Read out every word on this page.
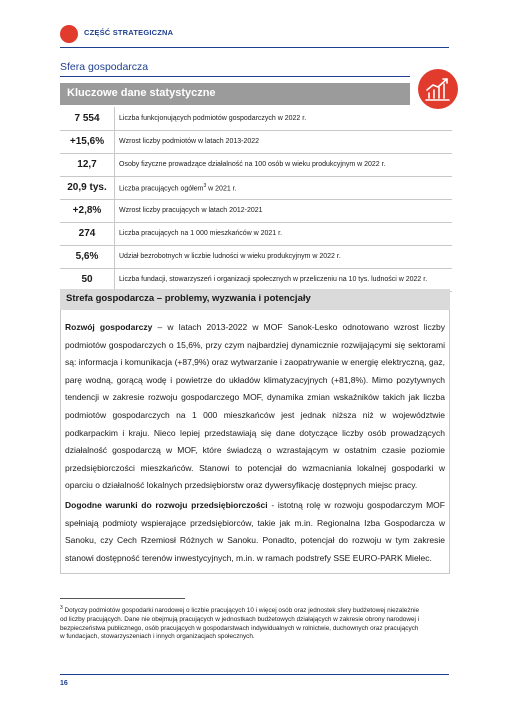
CZĘŚĆ STRATEGICZNA
Sfera gospodarcza
Kluczowe dane statystyczne
7 554	Liczba funkcjonujących podmiotów gospodarczych w 2022 r.
+15,6%	Wzrost liczby podmiotów w latach 2013-2022
12,7	Osoby fizyczne prowadzące działalność na 100 osób w wieku produkcyjnym w 2022 r.
20,9 tys.	Liczba pracujących ogółem$^3$ w 2021 r.
+2,8%	Wzrost liczby pracujących w latach 2012-2021
274	Liczba pracujących na 1 000 mieszkańców w 2021 r.
5,6%	Udział bezrobotnych w liczbie ludności w wieku produkcyjnym w 2022 r.
50	Liczba fundacji, stowarzyszeń i organizacji społecznych w przeliczeniu na 10 tys. ludności w 2022 r.
Strefa gospodarcza – problemy, wyzwania i potencjały

Rozwój gospodarczy – w latach 2013-2022 w MOF Sanok-Lesko odnotowano wzrost liczby podmiotów gospodarczych o 15,6%, przy czym najbardziej dynamicznie rozwijającymi się sektorami są: informacja i komunikacja (+87,9%) oraz wytwarzanie i zaopatrywanie w energię elektryczną, gaz, parę wodną, gorącą wodę i powietrze do układów klimatyzacyjnych (+81,8%). Mimo pozytywnych tendencji w zakresie rozwoju gospodarczego MOF, dynamika zmian wskaźników takich jak liczba podmiotów gospodarczych na 1 000 mieszkańców jest jednak niższa niż w województwie podkarpackim i kraju. Nieco lepiej przedstawiają się dane dotyczące liczby osób prowadzących działalność gospodarczą w MOF, które świadczą o wzrastającym w ostatnim czasie poziomie przedsiębiorczości mieszkańców. Stanowi to potencjał do wzmacniania lokalnej gospodarki w oparciu o działalność lokalnych przedsiębiorstw oraz dywersyfikację dostępnych miejsc pracy.

Dogodne warunki do rozwoju przedsiębiorczości - istotną rolę w rozwoju gospodarczym MOF spełniają podmioty wspierające przedsiębiorców, takie jak m.in. Regionalna Izba Gospodarcza w Sanoku, czy Cech Rzemiosł Różnych w Sanoku. Ponadto, potencjał do rozwoju w tym zakresie stanowi dostępność terenów inwestycyjnych, m.in. w ramach podstrefy SSE EURO-PARK Mielec.

$^3$ Dotyczy podmiotów gospodarki narodowej o liczbie pracujących 10 i więcej osób oraz jednostek sfery budżetowej niezależnie od liczby pracujących. Dane nie obejmują pracujących w jednostkach budżetowych działających w zakresie obrony narodowej i bezpieczeństwa publicznego, osób pracujących w gospodarstwach indywidualnych w rolnictwie, duchownych oraz pracujących w fundacjach, stowarzyszeniach i innych organizacjach społecznych.

16
